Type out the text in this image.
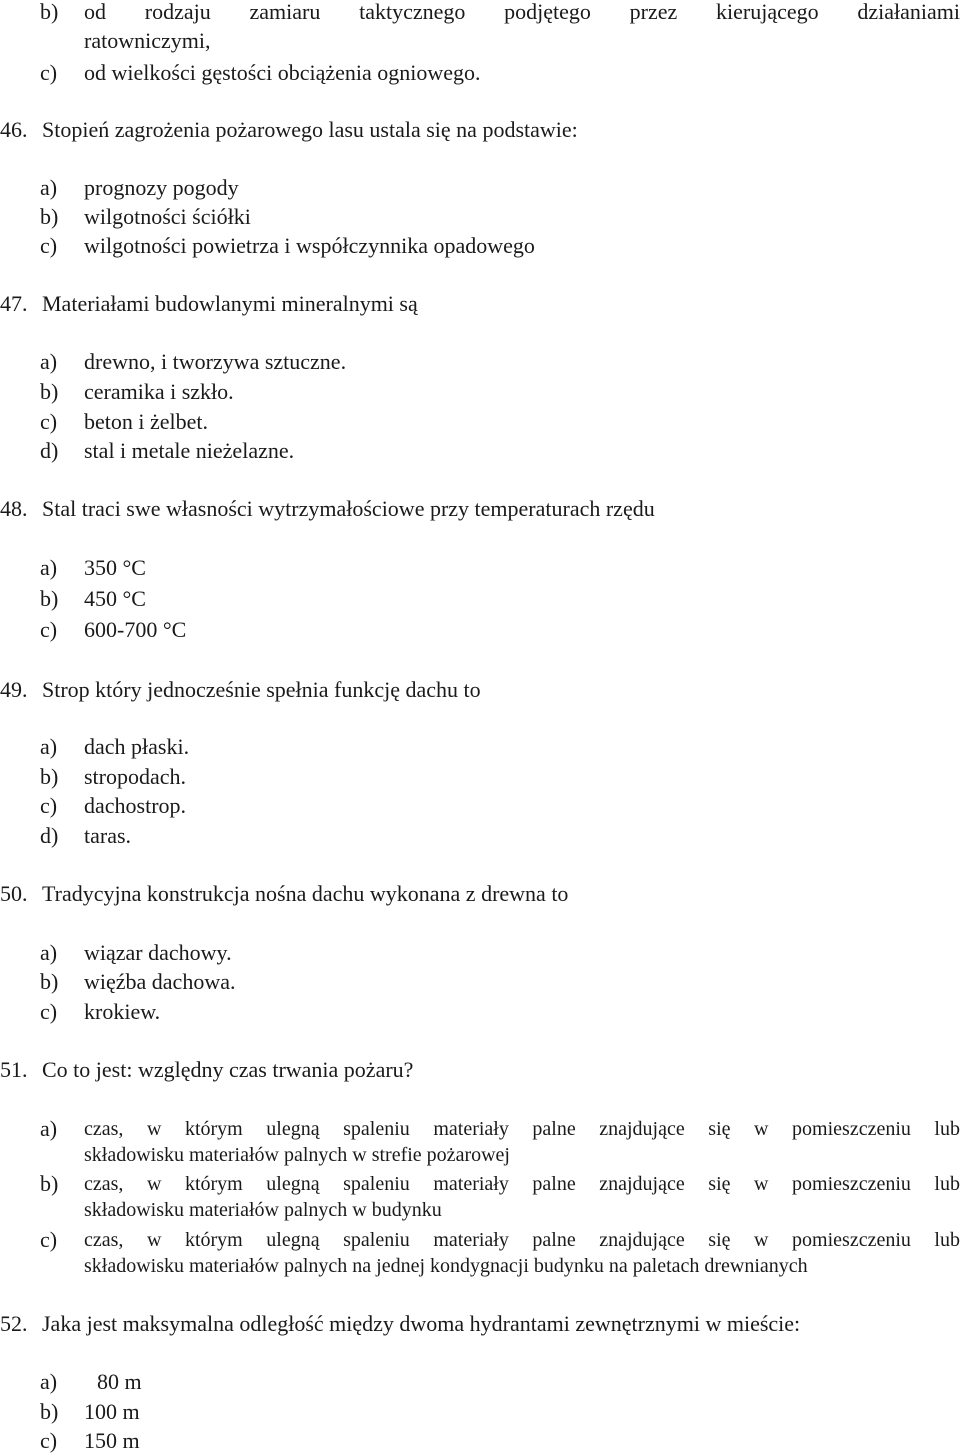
b) od rodzaju zamiaru taktycznego podjętego przez kierującego działaniami
ratowniczymi,
c) od wielkości gęstości obciążenia ogniowego.
46. Stopień zagrożenia pożarowego lasu ustala się na podstawie:
a) prognozy pogody
b) wilgotności ściółki
c) wilgotności powietrza i współczynnika opadowego
47. Materiałami budowlanymi mineralnymi są
a) drewno, i tworzywa sztuczne.
b) ceramika i szkło.
c) beton i żelbet.
d) stal i metale nieżelazne.
48. Stal traci swe własności wytrzymałościowe przy temperaturach rzędu
a) 350 °C
b) 450 °C
c) 600-700 °C
49. Strop który jednocześnie spełnia funkcję dachu to
a) dach płaski.
b) stropodach.
c) dachostrop.
d) taras.
50. Tradycyjna konstrukcja nośna dachu wykonana z drewna to
a) wiązar dachowy.
b) więźba dachowa.
c) krokiew.
51. Co to jest: względny czas trwania pożaru?
a) czas, w którym ulegną spaleniu materiały palne znajdujące się w pomieszczeniu lub
składowisku materiałów palnych w strefie pożarowej
b) czas, w którym ulegną spaleniu materiały palne znajdujące się w pomieszczeniu lub
składowisku materiałów palnych w budynku
c) czas, w którym ulegną spaleniu materiały palne znajdujące się w pomieszczeniu lub
składowisku materiałów palnych na jednej kondygnacji budynku na paletach drewnianych
52. Jaka jest maksymalna odległość między dwoma hydrantami zewnętrznymi w mieście:
a) 80 m
b) 100 m
c) 150 m
